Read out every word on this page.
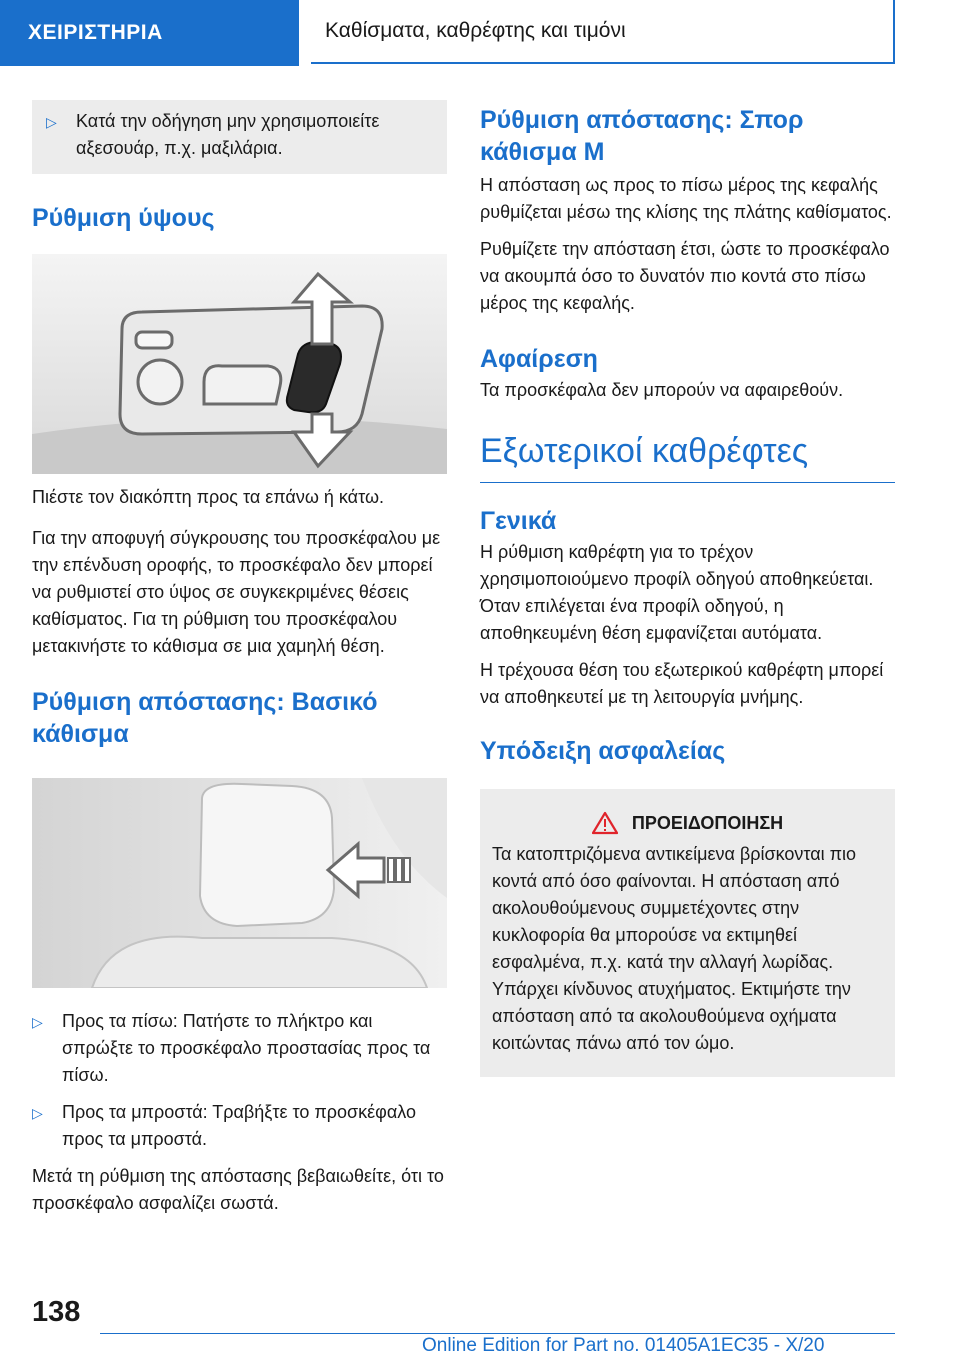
ΧΕΙΡΙΣΤΗΡΙΑ	Καθίσματα, καθρέφτης και τιμόνι
▷	Κατά την οδήγηση μην χρησιμοποιείτε αξεσουάρ, π.χ. μαξιλάρια.
Ρύθμιση ύψους

Πιέστε τον διακόπτη προς τα επάνω ή κάτω.

Για την αποφυγή σύγκρουσης του προσκέφαλου με την επένδυση οροφής, το προσκέφαλο δεν μπορεί να ρυθμιστεί στο ύψος σε συγκεκριμένες θέσεις καθίσματος. Για τη ρύθμιση του προσκέφαλου μετακινήστε το κάθισμα σε μια χαμηλή θέση.

Ρύθμιση απόστασης: Βασικό κάθισμα
▷	Προς τα πίσω: Πατήστε το πλήκτρο και σπρώξτε το προσκέφαλο προστασίας προς τα πίσω.
▷	Προς τα μπροστά: Τραβήξτε το προσκέφαλο προς τα μπροστά.

Μετά τη ρύθμιση της απόστασης βεβαιωθείτε, ότι το προσκέφαλο ασφαλίζει σωστά.

Ρύθμιση απόστασης: Σπορ κάθισμα M

Η απόσταση ως προς το πίσω μέρος της κεφαλής ρυθμίζεται μέσω της κλίσης της πλάτης καθίσματος.

Ρυθμίζετε την απόσταση έτσι, ώστε το προσκέφαλο να ακουμπά όσο το δυνατόν πιο κοντά στο πίσω μέρος της κεφαλής.

Αφαίρεση

Τα προσκέφαλα δεν μπορούν να αφαιρεθούν.

Εξωτερικοί καθρέφτες
Γενικά

Η ρύθμιση καθρέφτη για το τρέχον χρησιμοποιούμενο προφίλ οδηγού αποθηκεύεται. Όταν επιλέγεται ένα προφίλ οδηγού, η αποθηκευμένη θέση εμφανίζεται αυτόματα.

Η τρέχουσα θέση του εξωτερικού καθρέφτη μπορεί να αποθηκευτεί με τη λειτουργία μνήμης.

Υπόδειξη ασφαλείας
ΠΡΟΕΙΔΟΠΟΙΗΣΗ

Τα κατοπτριζόμενα αντικείμενα βρίσκονται πιο κοντά από όσο φαίνονται. Η απόσταση από ακολουθούμενους συμμετέχοντες στην κυκλοφορία θα μπορούσε να εκτιμηθεί εσφαλμένα, π.χ. κατά την αλλαγή λωρίδας. Υπάρχει κίνδυνος ατυχήματος. Εκτιμήστε την απόσταση από τα ακολουθούμενα οχήματα κοιτώντας πάνω από τον ώμο.

138
Online Edition for Part no. 01405A1EC35 - X/20
